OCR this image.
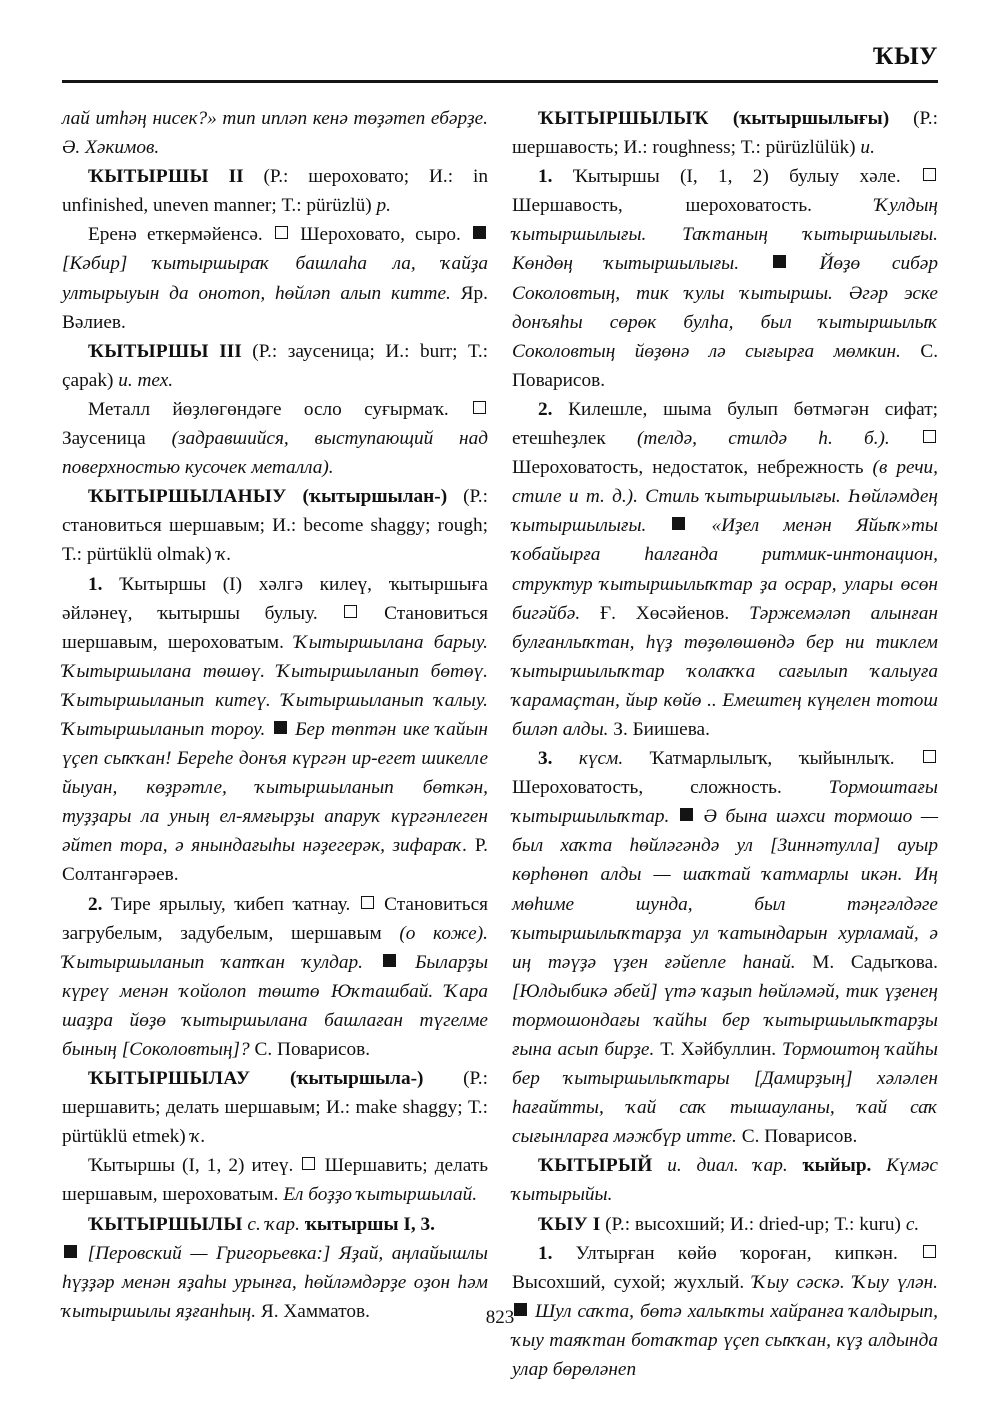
ҠЫУ

лай итһәң нисек?» тип ипләп кенә төҙәтеп ебәрҙе. Ә. Хәкимов.

ҠЫТЫРШЫ II (Р.: шероховато; И.: in unfinished, uneven manner; Т.: pürüzlü) р.

Еренә еткермәйенсә. Шероховато, сыро.  [Кәбир] ҡытыршыраҡ башлаһа ла, ҡайҙа ултырыуын да онотоп, һөйләп алып китте. Яр. Вәлиев.

ҠЫТЫРШЫ III (Р.: заусеница; И.: burr; Т.: çapak) и. тех.

Металл йөҙлөгөндәге осло суғырмаҡ.  Заусеница (задравшийся, выступающий над поверхностью кусочек металла).

ҠЫТЫРШЫЛАНЫУ (ҡытыршылан-) (Р.: становиться шершавым; И.: become shaggy; rough; Т.: pürtüklü olmak) ҡ.

1. Ҡытыршы (I) хәлгә килеү, ҡытыршыға әйләнеү, ҡытыршы булыу.	Становиться шершавым, шероховатым. Ҡытыршылана барыу. Ҡытыршылана төшөү. Ҡытыршыланып бөтөү. Ҡытыршыланып китеү. Ҡытыршыланып ҡалыу. Ҡытыршыланып тороу. Бер төптән ике ҡайын үҫеп сыҡҡан! Береһе донъя күргән ир-егет шикелле йыуан, көҙрәтле, ҡытыршыланып бөткән, туҙҙары ла уның ел-ямғырҙы апаруҡ күргәнлеген әйтеп тора, ә янындағыһы нәҙегерәк, зифараҡ. Р. Солтангәрәев.

2. Тире ярылыу, ҡибеп ҡатнау. Становиться загрубелым, задубелым, шершавым (о коже). Ҡытыршыланып ҡатҡан ҡулдар.	Быларҙы күреү менән ҡойолоп төштө Юҡташбай. Ҡара шаҙра йөҙө ҡытыршылана башлаған түгелме бының [Соколовтың]? С. Поварисов.

ҠЫТЫРШЫЛАУ (ҡытыршыла-) (Р.: шершавить; делать шершавым; И.: make shaggy; Т.: pürtüklü etmek) ҡ.

Ҡытыршы (I, 1, 2) итеү. Шершавить; делать шершавым, шероховатым. Ел боҙҙо ҡытыршылай.

ҠЫТЫРШЫЛЫ с. ҡар. ҡытыршы I, 3.

[Перовский — Григорьевка:] Яҙай, аңлайышлы һүҙҙәр менән яҙаһы урынға, һөйләмдәрҙе оҙон һәм ҡытыршылы яҙғанһың. Я. Хамматов.

ҠЫТЫРШЫЛЫҠ (ҡытыршылығы) (Р.: шершавость; И.: roughness; Т.: pürüzlülük) и.

1. Ҡытыршы (I, 1, 2) булыу хәле.  Шершавость, шероховатость.	Ҡулдың ҡытыршылығы. Таҡтаның ҡытыршылығы. Көндөң ҡытыршылығы.	Йөҙө сибәр Соколовтың, тик ҡулы ҡытыршы. Әгәр эске донъяһы сөрөк булһа, был ҡытыршылыҡ Соколовтың йөҙөнә лә сығырға мөмкин. С. Поварисов.

2. Килешле, шыма булып бөтмәгән сифат; етешһеҙлек (телдә, стилдә һ. б.).  Шероховатость, недостаток, небрежность (в речи, стиле и т. д.). Стиль ҡытыршылығы. Һөйләмдең ҡытыршылығы.	«Иҙел менән Яйыҡ»ты ҡобайырға һалғанда ритмик-интонацион, структур ҡытыршылыҡтар ҙа осрар, улары өсөн бигәйбә. Ғ. Хөсәйенов. Тәржемәләп алынған булғанлыҡтан, һүҙ төҙөлөшөндә бер ни тиклем ҡытыршылыҡтар ҡолаҡҡа сағылып ҡалыуға ҡарамаҫтан, йыр көйө .. Емештең күңелен тотош биләп алды. З. Биишева.

3. күсм. Ҡатмарлылыҡ, ҡыйынлыҡ.  Шероховатость, сложность. Тормоштағы ҡытыршылыҡтар. Ә бына шәхси тормошо — был хаҡта һөйләгәндә ул [Зиннәтулла] ауыр көрһөнөп алды — шаҡтай ҡатмарлы икән. Иң мөһиме шунда, был тәңгәлдәге ҡытыршылыҡтарҙа ул ҡатындарын хурламай, ә иң тәүҙә үҙен ғәйепле һанай. М. Садыҡова. [Юлдыбикә әбей] үтә ҡаҙып һөйләмәй, тик үҙенең тормошондағы ҡайһы бер ҡытыршылыҡтарҙы ғына асып бирҙе. Т. Хәйбуллин. Тормоштоң ҡайһы бер ҡытыршылыҡтары [Дамирҙың] хәләлен һағайтты, ҡай саҡ тышауланы, ҡай саҡ сығынларға мәжбүр итте. С. Поварисов.

ҠЫТЫРЫЙ и. диал. ҡар. ҡыйыр. Күмәс ҡытырыйы.

ҠЫУ I (Р.: высохший; И.: dried-up; Т.: kuru) с.

1. Ултырған көйө ҡороған, кипкән.  Высохший, сухой; жухлый. Ҡыу сәскә. Ҡыу үлән.  Шул саҡта, бөтә халыҡты хайранға ҡалдырып, ҡыу таяҡтан ботаҡтар үҫеп сыҡҡан, күҙ алдында улар бөрөләнеп

823
